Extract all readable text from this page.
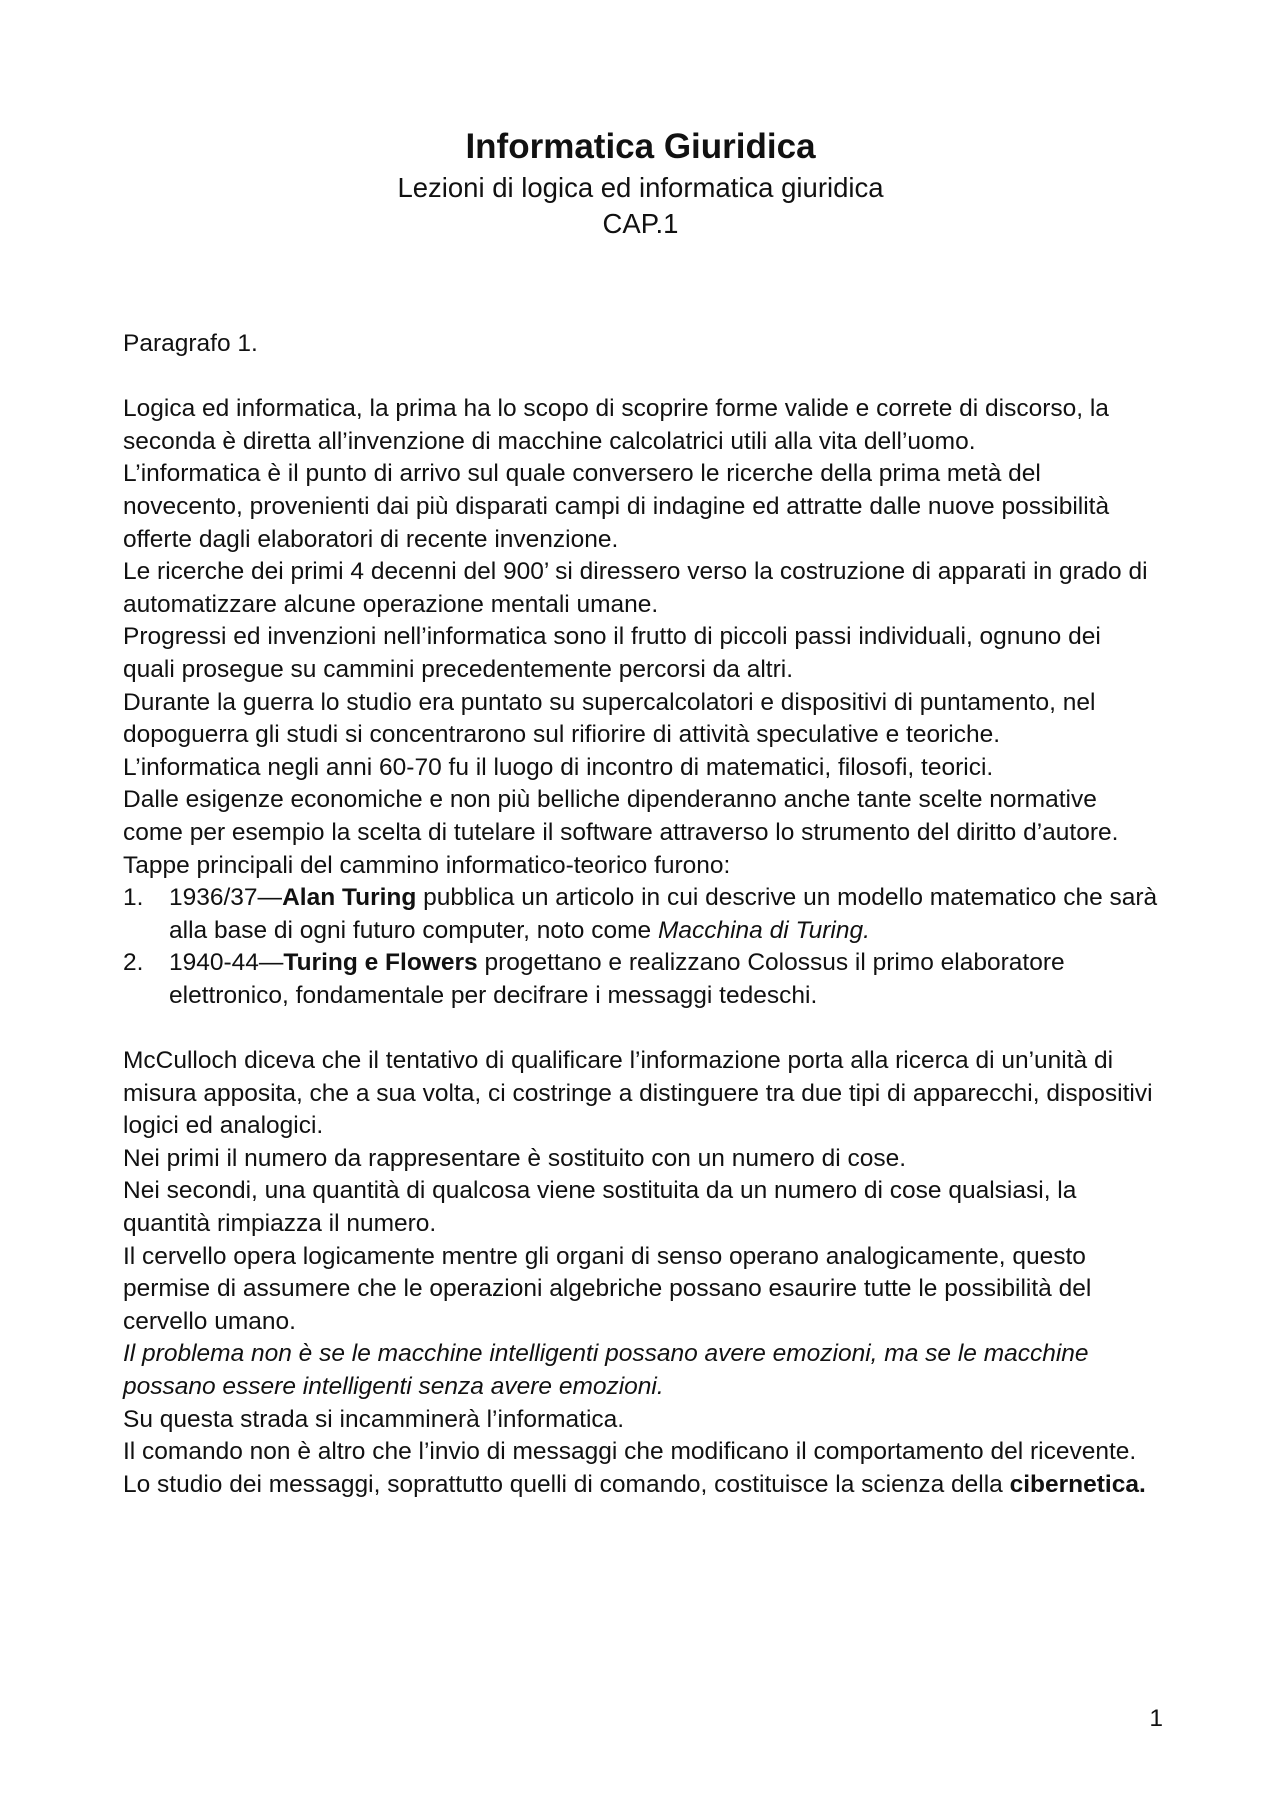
Informatica Giuridica

Lezioni di logica ed informatica giuridica

CAP.1

Paragrafo 1.

Logica ed informatica, la prima ha lo scopo di scoprire forme valide e correte di discorso, la seconda è diretta all’invenzione di macchine calcolatrici utili alla vita dell’uomo.

L’informatica è il punto di arrivo sul quale conversero le ricerche della prima metà del novecento, provenienti dai più disparati campi di indagine ed attratte dalle nuove possibilità offerte dagli elaboratori di recente invenzione.

Le ricerche dei primi 4 decenni del 900’ si diressero verso la costruzione di apparati in grado di automatizzare alcune operazione mentali umane.

Progressi ed invenzioni nell’informatica sono il frutto di piccoli passi individuali, ognuno dei quali prosegue su cammini precedentemente percorsi da altri.

Durante la guerra lo studio era puntato su supercalcolatori e dispositivi di puntamento, nel dopoguerra gli studi si concentrarono sul rifiorire di attività speculative e teoriche.

L’informatica negli anni 60-70 fu il luogo di incontro di matematici, filosofi, teorici.

Dalle esigenze economiche e non più belliche dipenderanno anche tante scelte normative come per esempio la scelta di tutelare il software attraverso lo strumento del diritto d’autore.

Tappe principali del cammino informatico-teorico furono:

1. 1936/37—Alan Turing pubblica un articolo in cui descrive un modello matematico che sarà alla base di ogni futuro computer, noto come Macchina di Turing.
2. 1940-44—Turing e Flowers progettano e realizzano Colossus il primo elaboratore elettronico, fondamentale per decifrare i messaggi tedeschi.

McCulloch diceva che il tentativo di qualificare l’informazione porta alla ricerca di un’unità di misura apposita, che a sua volta, ci costringe a distinguere tra due tipi di apparecchi, dispositivi logici ed analogici.

Nei primi il numero da rappresentare è sostituito con un numero di cose.

Nei secondi, una quantità di qualcosa viene sostituita da un numero di cose qualsiasi, la quantità rimpiazza il numero.

Il cervello opera logicamente mentre gli organi di senso operano analogicamente, questo permise di assumere che le operazioni algebriche possano esaurire tutte le possibilità del cervello umano.

Il problema non è se le macchine intelligenti possano avere emozioni, ma se le macchine possano essere intelligenti senza avere emozioni.

Su questa strada si incamminerà l’informatica.

Il comando non è altro che l’invio di messaggi che modificano il comportamento del ricevente.

Lo studio dei messaggi, soprattutto quelli di comando, costituisce la scienza della cibernetica.

1
